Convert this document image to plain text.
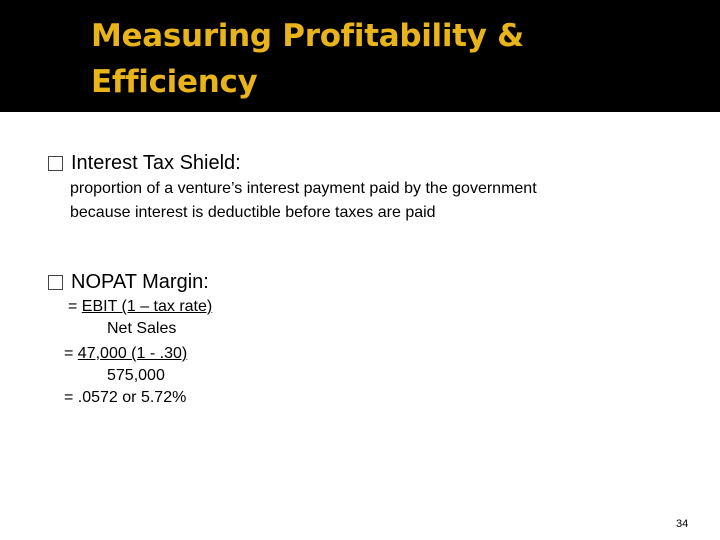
Measuring Profitability &
Efficiency
Interest Tax Shield:
proportion of a venture’s interest payment paid by the government
because interest is deductible before taxes are paid
NOPAT Margin:
= EBIT (1 – tax rate)
Net Sales
= 47,000 (1 - .30)
575,000
= .0572 or 5.72%
34
